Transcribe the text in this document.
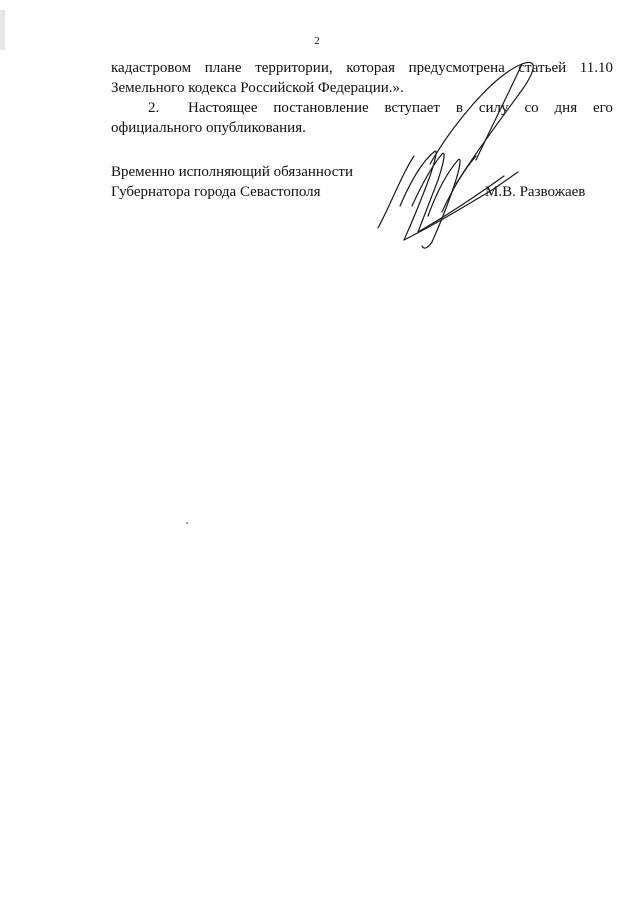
2
кадастровом плане территории, которая предусмотрена статьей 11.10
Земельного кодекса Российской Федерации.».
2. Настоящее постановление вступает в силу со дня его
официального опубликования.
Временно исполняющий обязанности
Губернатора города Севастополя	М.В. Развожаев
